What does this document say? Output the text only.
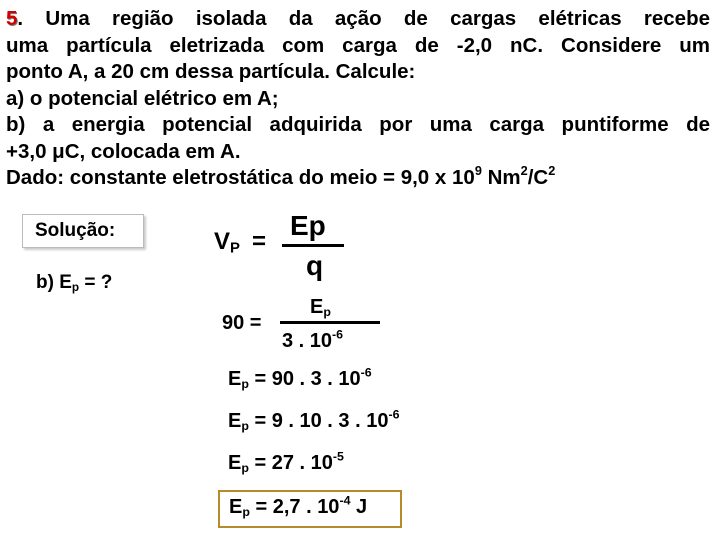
5. Uma região isolada da ação de cargas elétricas recebe
uma partícula eletrizada com carga de -2,0 nC. Considere um
ponto A, a 20 cm dessa partícula. Calcule:
a) o potencial elétrico em A;
b) a energia potencial adquirida por uma carga puntiforme de
+3,0 μC, colocada em A.
Dado: constante eletrostática do meio = 9,0 x $10^9$ $Nm^2/C^2$
Solução:
b) $E_p$ = ?
$V_P$ =
Ep
q
90 =
$E_p$
3 . $10^{-6}$
$E_p = 90$ . 3 . $10^{-6}$
$E_p = 9$ . 10 . 3 . $10^{-6}$
$E_p = 27$ . $10^{-5}$
$E_p = 2,7$ . $10^{-4}$ J
